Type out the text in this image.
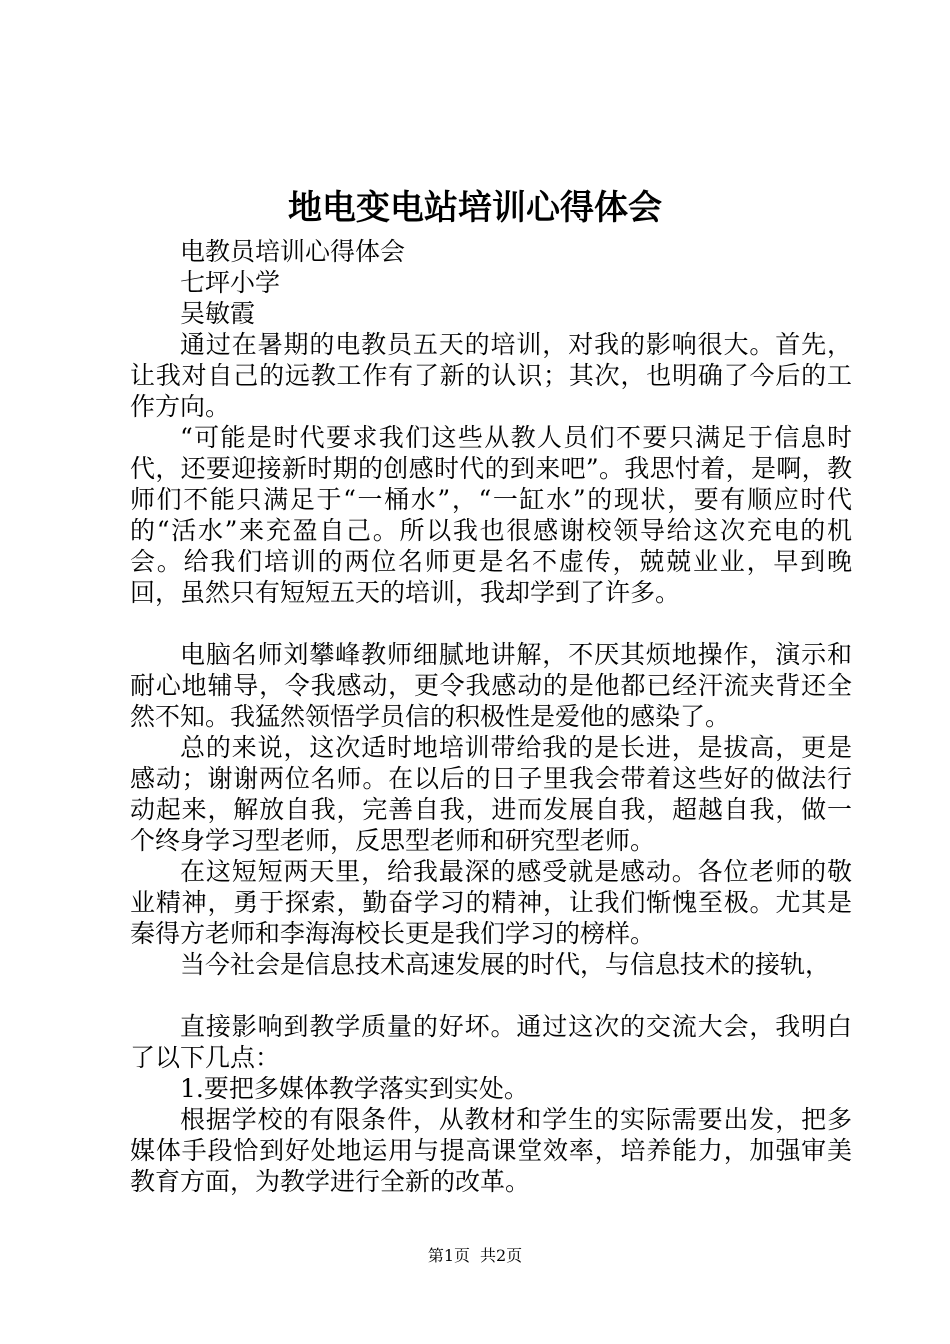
地电变电站培训心得体会

电教员培训心得体会

七坪小学

吴敏霞

通过在暑期的电教员五天的培训，对我的影响很大。首先，让我对自己的远教工作有了新的认识；其次，也明确了今后的工作方向。

“可能是时代要求我们这些从教人员们不要只满足于信息时代，还要迎接新时期的创感时代的到来吧”。我思忖着，是啊，教师们不能只满足于“一桶水”，“一缸水”的现状，要有顺应时代的“活水”来充盈自己。所以我也很感谢校领导给这次充电的机会。给我们培训的两位名师更是名不虚传，兢兢业业，早到晚回，虽然只有短短五天的培训，我却学到了许多。

电脑名师刘攀峰教师细腻地讲解，不厌其烦地操作，演示和耐心地辅导，令我感动，更令我感动的是他都已经汗流夹背还全然不知。我猛然领悟学员信的积极性是爱他的感染了。

总的来说，这次适时地培训带给我的是长进，是拔高，更是感动；谢谢两位名师。在以后的日子里我会带着这些好的做法行动起来，解放自我，完善自我，进而发展自我，超越自我，做一个终身学习型老师，反思型老师和研究型老师。

在这短短两天里，给我最深的感受就是感动。各位老师的敬业精神，勇于探索，勤奋学习的精神，让我们惭愧至极。尤其是秦得方老师和李海海校长更是我们学习的榜样。

当今社会是信息技术高速发展的时代，与信息技术的接轨，

直接影响到教学质量的好坏。通过这次的交流大会，我明白了以下几点：

1.要把多媒体教学落实到实处。

根据学校的有限条件，从教材和学生的实际需要出发，把多媒体手段恰到好处地运用与提高课堂效率，培养能力，加强审美教育方面，为教学进行全新的改革。

第1页 共2页
